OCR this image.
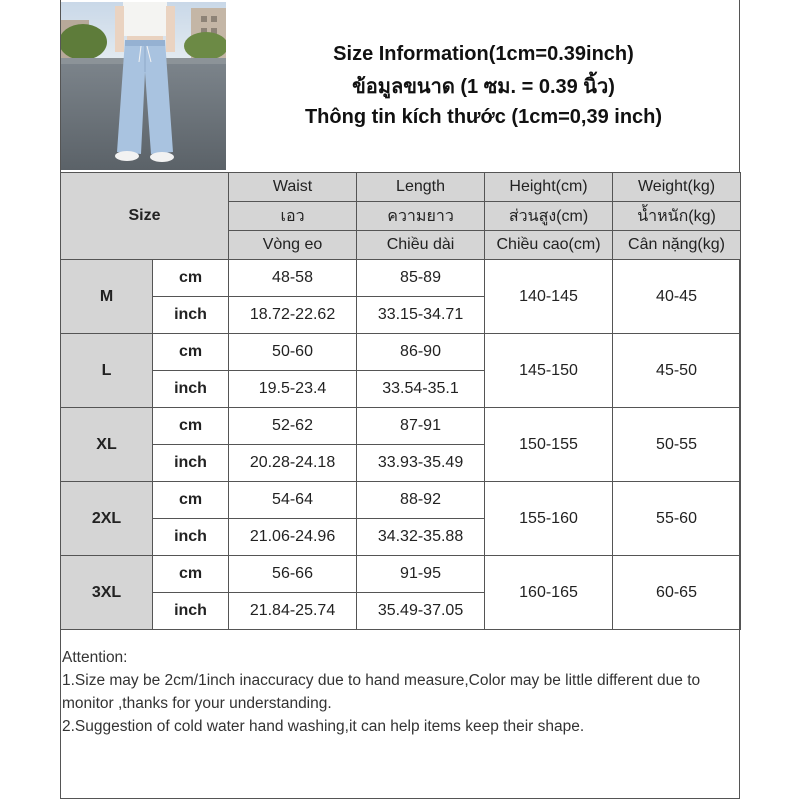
Size Information(1cm=0.39inch)
ข้อมูลขนาด (1 ซม. = 0.39 นิ้ว)
Thông tin kích thước (1cm=0,39 inch)
Size		Waist	Length	Height(cm)	Weight(kg)
		เอว	ความยาว	ส่วนสูง(cm)	น้ำหนัก(kg)
		Vòng eo	Chiều dài	Chiều cao(cm)	Cân nặng(kg)
M	cm	48-58	85-89	140-145	40-45
	inch	18.72-22.62	33.15-34.71		
L	cm	50-60	86-90	145-150	45-50
	inch	19.5-23.4	33.54-35.1		
XL	cm	52-62	87-91	150-155	50-55
	inch	20.28-24.18	33.93-35.49		
2XL	cm	54-64	88-92	155-160	55-60
	inch	21.06-24.96	34.32-35.88		
3XL	cm	56-66	91-95	160-165	60-65
	inch	21.84-25.74	35.49-37.05		
Attention:
1.Size may be 2cm/1inch inaccuracy due to hand measure,Color may be little different due to monitor ,thanks for your understanding.
2.Suggestion of cold water hand washing,it can help items keep their shape.
